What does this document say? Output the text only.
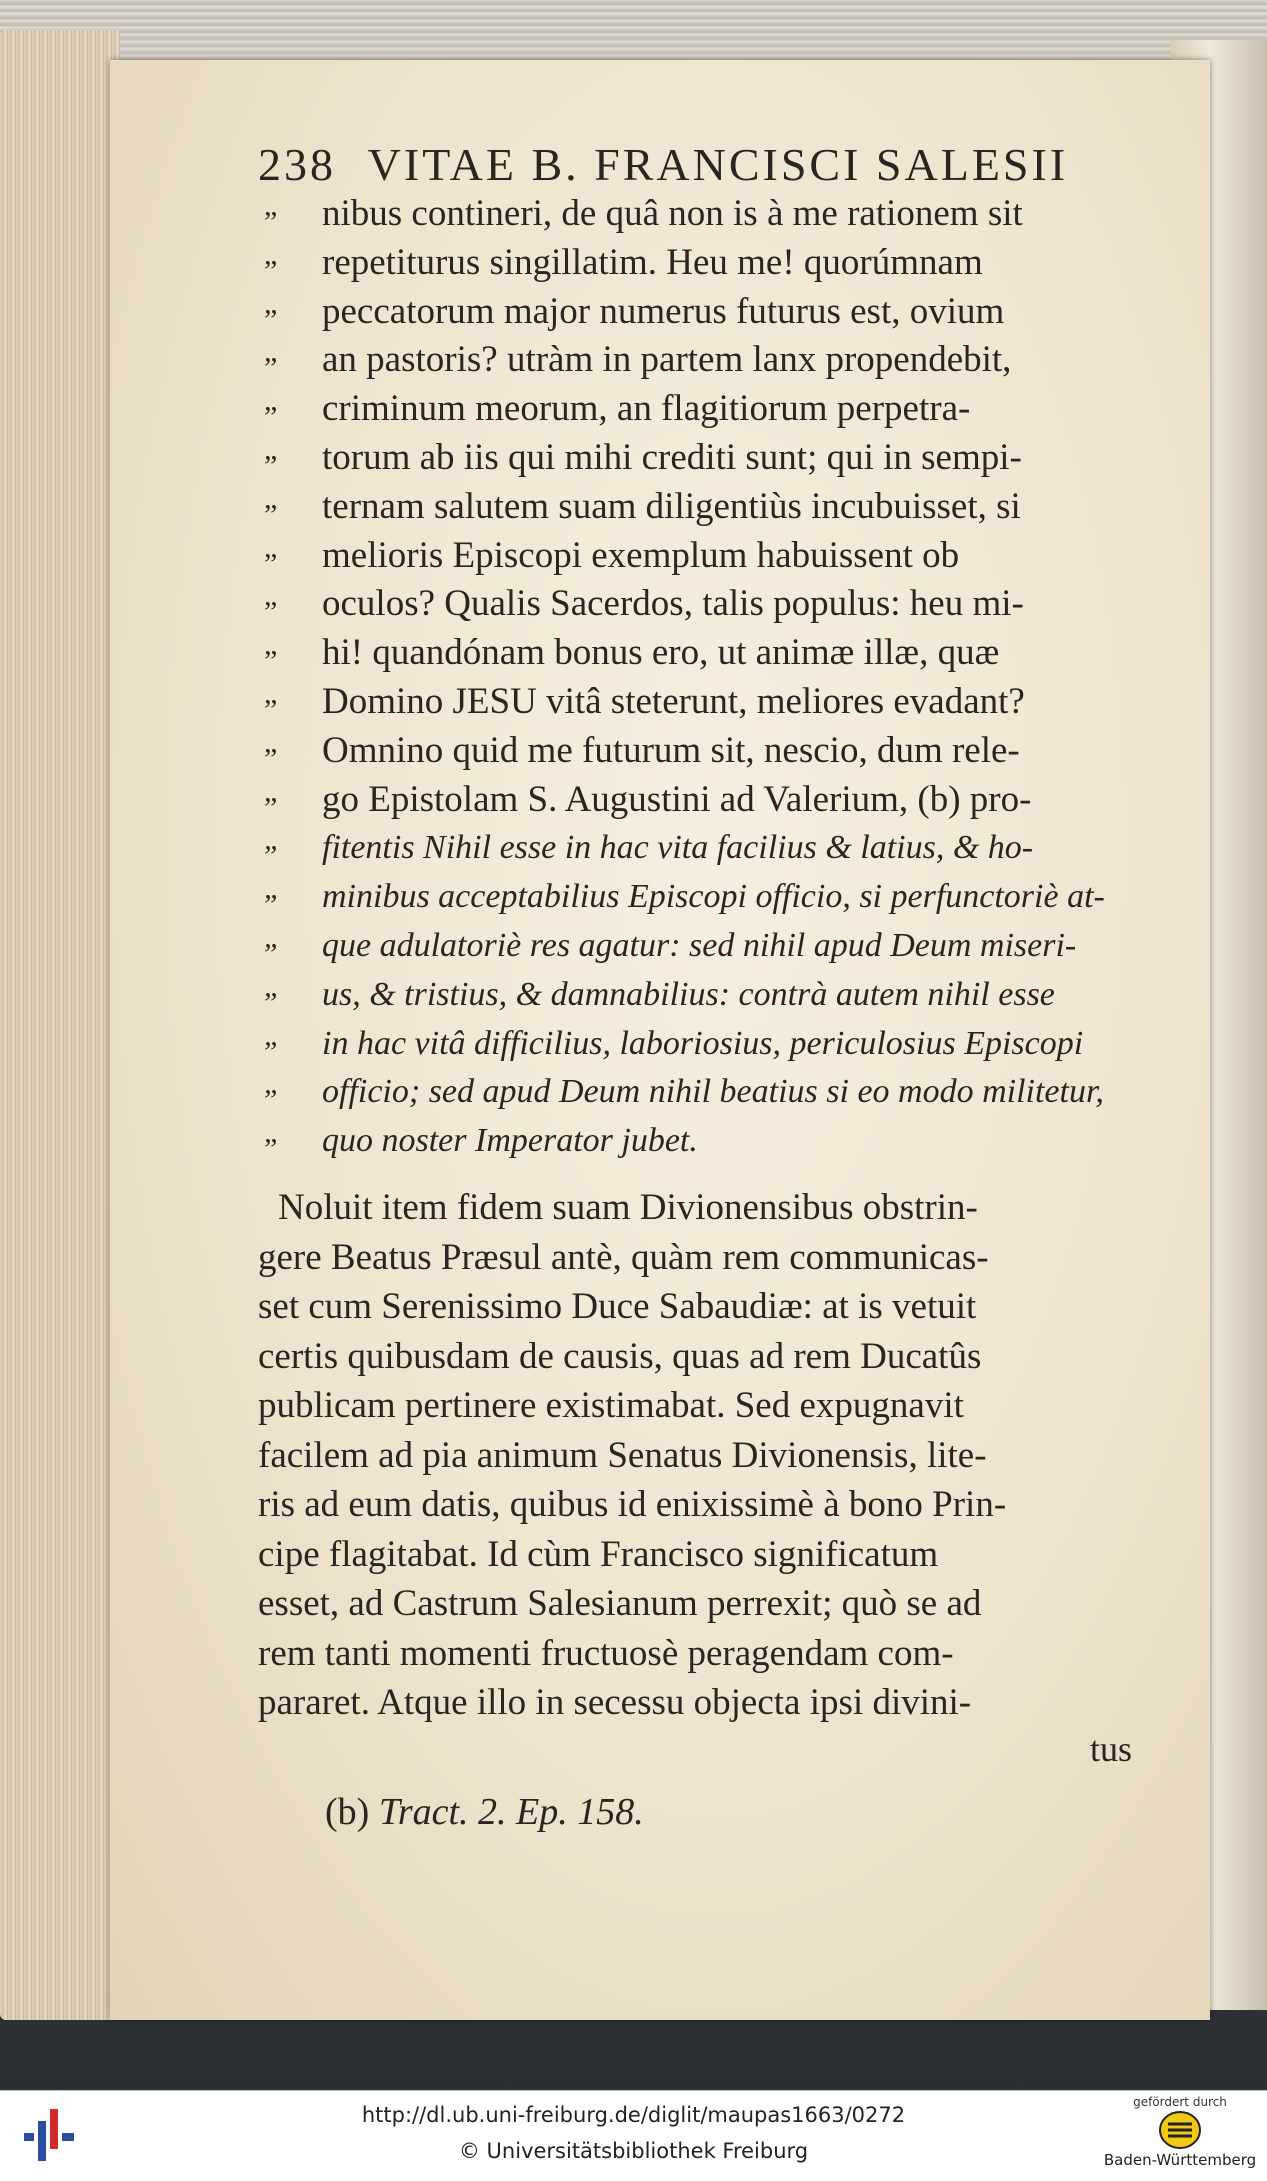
238 VITAE B. FRANCISCI SALESII
„ nibus contineri, de quâ non is à me rationem sit
„ repetiturus singillatim. Heu me! quorúmnam
„ peccatorum major numerus futurus est, ovium
„ an pastoris? utràm in partem lanx propendebit,
„ criminum meorum, an flagitiorum perpetra-
„ torum ab iis qui mihi crediti sunt; qui in sempi-
„ ternam salutem suam diligentiùs incubuisset, si
„ melioris Episcopi exemplum habuissent ob
„ oculos? Qualis Sacerdos, talis populus: heu mi-
„ hi! quandónam bonus ero, ut animæ illæ, quæ
„ Domino JESU vitâ steterunt, meliores evadant?
„ Omnino quid me futurum sit, nescio, dum rele-
„ go Epistolam S. Augustini ad Valerium, (b) pro-
„ fitentis Nihil esse in hac vita facilius & latius, & ho-
„ minibus acceptabilius Episcopi officio, si perfunctoriè at-
„ que adulatoriè res agatur: sed nihil apud Deum miseri-
„ us, & tristius, & damnabilius: contrà autem nihil esse
„ in hac vitâ difficilius, laboriosius, periculosius Episcopi
„ officio; sed apud Deum nihil beatius si eo modo militetur,
„ quo noster Imperator jubet.
Noluit item fidem suam Divionensibus obstrin-
gere Beatus Præsul antè, quàm rem communicas-
set cum Serenissimo Duce Sabaudiæ: at is vetuit
certis quibusdam de causis, quas ad rem Ducatûs
publicam pertinere existimabat. Sed expugnavit
facilem ad pia animum Senatus Divionensis, lite-
ris ad eum datis, quibus id enixissimè à bono Prin-
cipe flagitabat. Id cùm Francisco significatum
esset, ad Castrum Salesianum perrexit; quò se ad
rem tanti momenti fructuosè peragendam com-
pararet. Atque illo in secessu objecta ipsi divini-
tus
(b) Tract. 2. Ep. 158.
http://dl.ub.uni-freiburg.de/diglit/maupas1663/0272
© Universitätsbibliothek Freiburg
gefördert durch
Baden-Württemberg
